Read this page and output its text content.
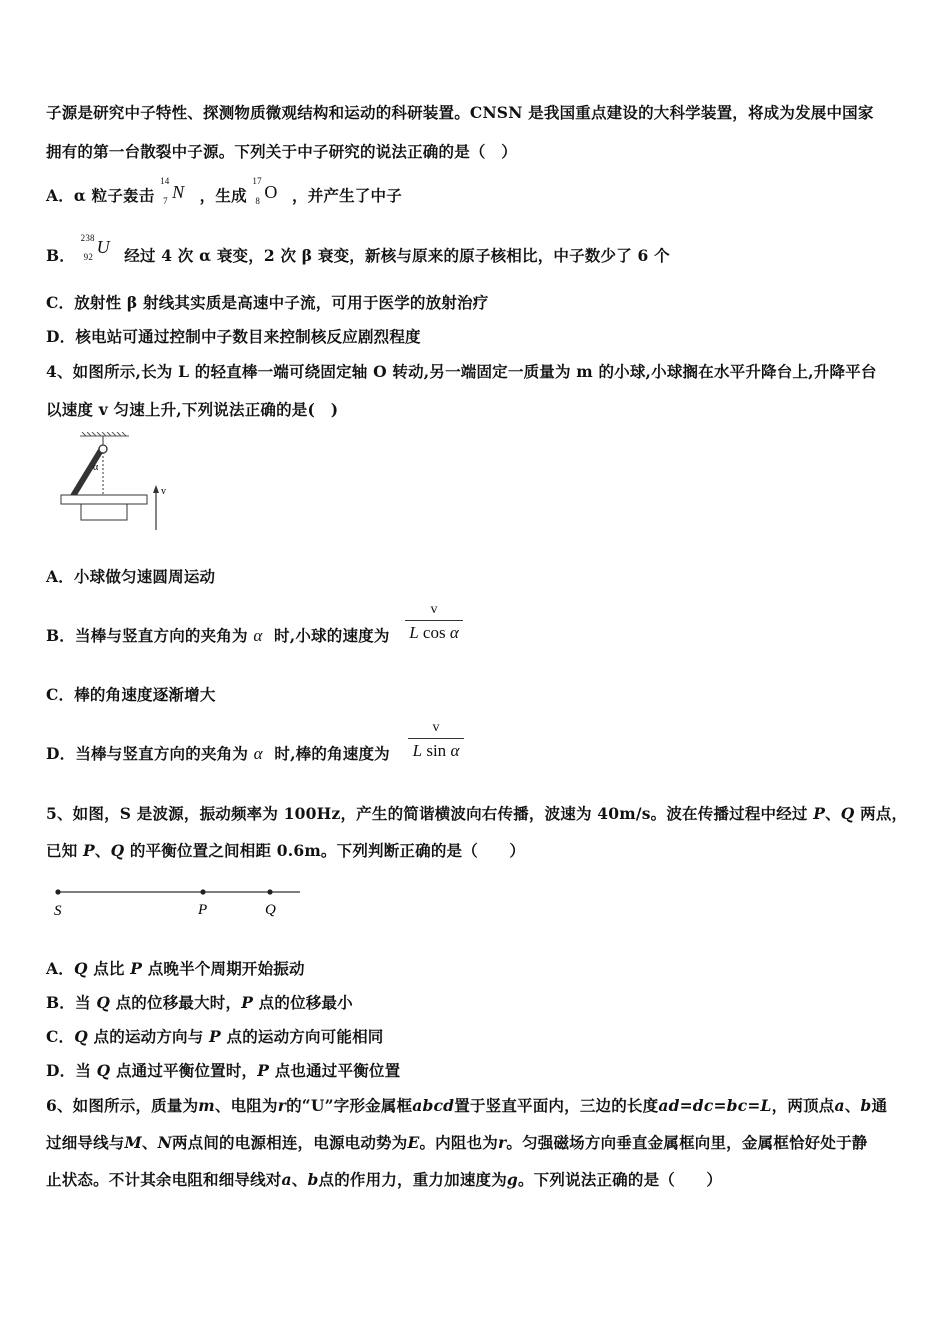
子源是研究中子特性、探测物质微观结构和运动的科研装置。CNSN 是我国重点建设的大科学装置，将成为发展中国家
拥有的第一台散裂中子源。下列关于中子研究的说法正确的是（　）
A．α 粒子轰击
14
7 N ，生成
17
8 O ，并产生了中子
B．
238
92 U 经过 4 次 α 衰变，2 次 β 衰变，新核与原来的原子核相比，中子数少了 6 个
C．放射性 β 射线其实质是高速中子流，可用于医学的放射治疗
D．核电站可通过控制中子数目来控制核反应剧烈程度
4、如图所示,长为 L 的轻直棒一端可绕固定轴 O 转动,另一端固定一质量为 m 的小球,小球搁在水平升降台上,升降平台
以速度 v 匀速上升,下列说法正确的是(　)
α
v
A．小球做匀速圆周运动
B．当棒与竖直方向的夹角为 α 时,小球的速度为
v
L cos α
C．棒的角速度逐渐增大
D．当棒与竖直方向的夹角为 α 时,棒的角速度为
v
L sin α
5、如图，S 是波源，振动频率为 100Hz，产生的简谐横波向右传播，波速为 40m/s。波在传播过程中经过 P、Q 两点，
已知 P、Q 的平衡位置之间相距 0.6m。下列判断正确的是（　　）
S	P	Q
A．Q 点比 P 点晚半个周期开始振动
B．当 Q 点的位移最大时，P 点的位移最小
C．Q 点的运动方向与 P 点的运动方向可能相同
D．当 Q 点通过平衡位置时，P 点也通过平衡位置
6、如图所示，质量为m、电阻为r的“U”字形金属框abcd置于竖直平面内，三边的长度ad=dc=bc=L，两顶点a、b通
过细导线与M、N两点间的电源相连，电源电动势为E。内阻也为r。匀强磁场方向垂直金属框向里，金属框恰好处于静
止状态。不计其余电阻和细导线对a、b点的作用力，重力加速度为g。下列说法正确的是（　　）
